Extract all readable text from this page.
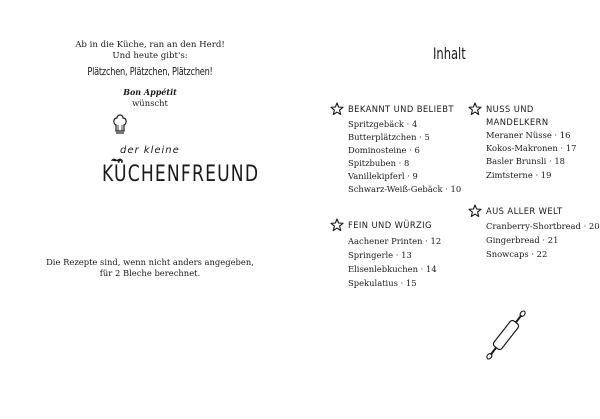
Ab in die Küche, ran an den Herd!
Und heute gibt's:
Plätzchen, Plätzchen, Plätzchen!
Bon Appétit
wünscht
der kleine
KÜCHENFREUND
Die Rezepte sind, wenn nicht anders angegeben,
für 2 Bleche berechnet.
Inhalt
BEKANNT UND BELIEBT
Spritzgebäck · 4
Butterplätzchen · 5
Dominosteine · 6
Spitzbuben · 8
Vanillekipferl · 9
Schwarz-Weiß-Gebäck · 10
FEIN UND WÜRZIG
Aachener Printen · 12
Springerle · 13
Elisenlebkuchen · 14
Spekulatius · 15
NUSS UND
MANDELKERN
Meraner Nüsse · 16
Kokos-Makronen · 17
Basler Brunsli · 18
Zimtsterne · 19
AUS ALLER WELT
Cranberry-Shortbread · 20
Gingerbread · 21
Snowcaps · 22
